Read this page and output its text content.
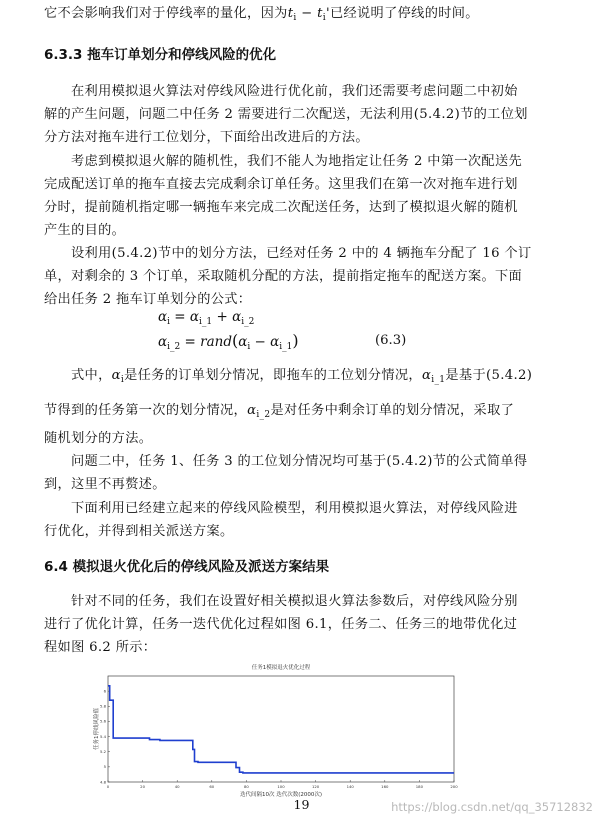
它不会影响我们对于停线率的量化，因为$t_i - t_i'$已经说明了停线的时间。
6.3.3 拖车订单划分和停线风险的优化
在利用模拟退火算法对停线风险进行优化前，我们还需要考虑问题二中初始
解的产生问题，问题二中任务 2 需要进行二次配送，无法利用(5.4.2)节的工位划
分方法对拖车进行工位划分，下面给出改进后的方法。
考虑到模拟退火解的随机性，我们不能人为地指定让任务 2 中第一次配送先
完成配送订单的拖车直接去完成剩余订单任务。这里我们在第一次对拖车进行划
分时，提前随机指定哪一辆拖车来完成二次配送任务，达到了模拟退火解的随机
产生的目的。
设利用(5.4.2)节中的划分方法，已经对任务 2 中的 4 辆拖车分配了 16 个订
单，对剩余的 3 个订单，采取随机分配的方法，提前指定拖车的配送方案。下面
给出任务 2 拖车订单划分的公式：
$\alpha_i = \alpha_{i\_1} + \alpha_{i\_2}$
$\alpha_{i\_2}$ = $rand(\alpha_i - \alpha_{i\_1})$	(6.3)
式中，$\alpha_i$是任务的订单划分情况，即拖车的工位划分情况，$\alpha_{i\_1}$是基于(5.4.2)
节得到的任务第一次的划分情况，$\alpha_{i\_2}$是对任务中剩余订单的划分情况，采取了
随机划分的方法。
问题二中，任务 1、任务 3 的工位划分情况均可基于(5.4.2)节的公式简单得
到，这里不再赘述。
下面利用已经建立起来的停线风险模型，利用模拟退火算法，对停线风险进
行优化，并得到相关派送方案。
6.4 模拟退火优化后的停线风险及派送方案结果
针对不同的任务，我们在设置好相关模拟退火算法参数后，对停线风险分别
进行了优化计算，任务一迭代优化过程如图 6.1，任务二、任务三的地带优化过
程如图 6.2 所示：
任务1模拟退火优化过程
0	20	40	60	80	100	120	140	160	180	200
4.8
5
5.2
5.4
5.6
5.8
6
迭代间隔10次 迭代次数(2000次)
任务1停线风险值
19	https://blog.csdn.net/qq_35712832
